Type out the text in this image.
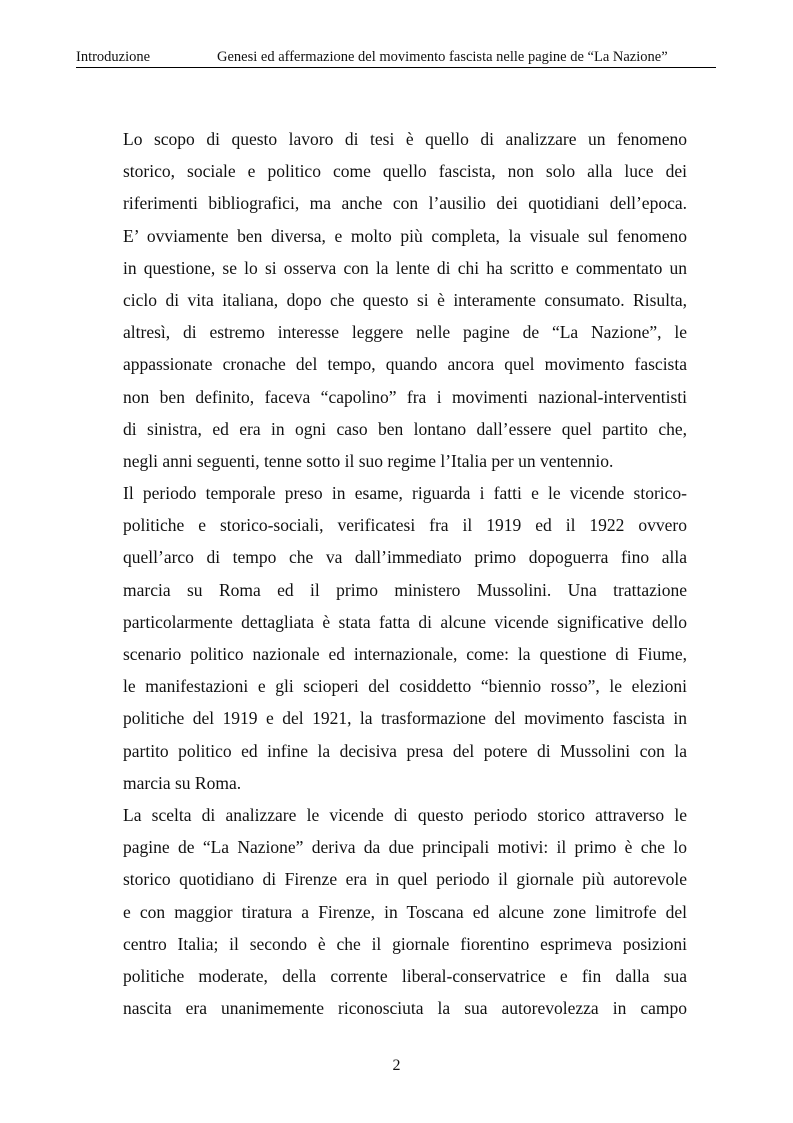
Introduzione	Genesi ed affermazione del movimento fascista nelle pagine de “La Nazione”
Lo scopo di questo lavoro di tesi è quello di analizzare un fenomeno
storico, sociale e politico come quello fascista, non solo alla luce dei
riferimenti bibliografici, ma anche con l’ausilio dei quotidiani dell’epoca.
E’ ovviamente ben diversa, e molto più completa, la visuale sul fenomeno
in questione, se lo si osserva con la lente di chi ha scritto e commentato un
ciclo di vita italiana, dopo che questo si è interamente consumato. Risulta,
altresì, di estremo interesse leggere nelle pagine de “La Nazione”, le
appassionate cronache del tempo, quando ancora quel movimento fascista
non ben definito, faceva “capolino” fra i movimenti nazional-interventisti
di sinistra, ed era in ogni caso ben lontano dall’essere quel partito che,
negli anni seguenti, tenne sotto il suo regime l’Italia per un ventennio.
Il periodo temporale preso in esame, riguarda i fatti e le vicende storico-
politiche e storico-sociali, verificatesi fra il 1919 ed il 1922 ovvero
quell’arco di tempo che va dall’immediato primo dopoguerra fino alla
marcia su Roma ed il primo ministero Mussolini. Una trattazione
particolarmente dettagliata è stata fatta di alcune vicende significative dello
scenario politico nazionale ed internazionale, come: la questione di Fiume,
le manifestazioni e gli scioperi del cosiddetto “biennio rosso”, le elezioni
politiche del 1919 e del 1921, la trasformazione del movimento fascista in
partito politico ed infine la decisiva presa del potere di Mussolini con la
marcia su Roma.
La scelta di analizzare le vicende di questo periodo storico attraverso le
pagine de “La Nazione” deriva da due principali motivi: il primo è che lo
storico quotidiano di Firenze era in quel periodo il giornale più autorevole
e con maggior tiratura a Firenze, in Toscana ed alcune zone limitrofe del
centro Italia; il secondo è che il giornale fiorentino esprimeva posizioni
politiche moderate, della corrente liberal-conservatrice e fin dalla sua
nascita era unanimemente riconosciuta la sua autorevolezza in campo
2
